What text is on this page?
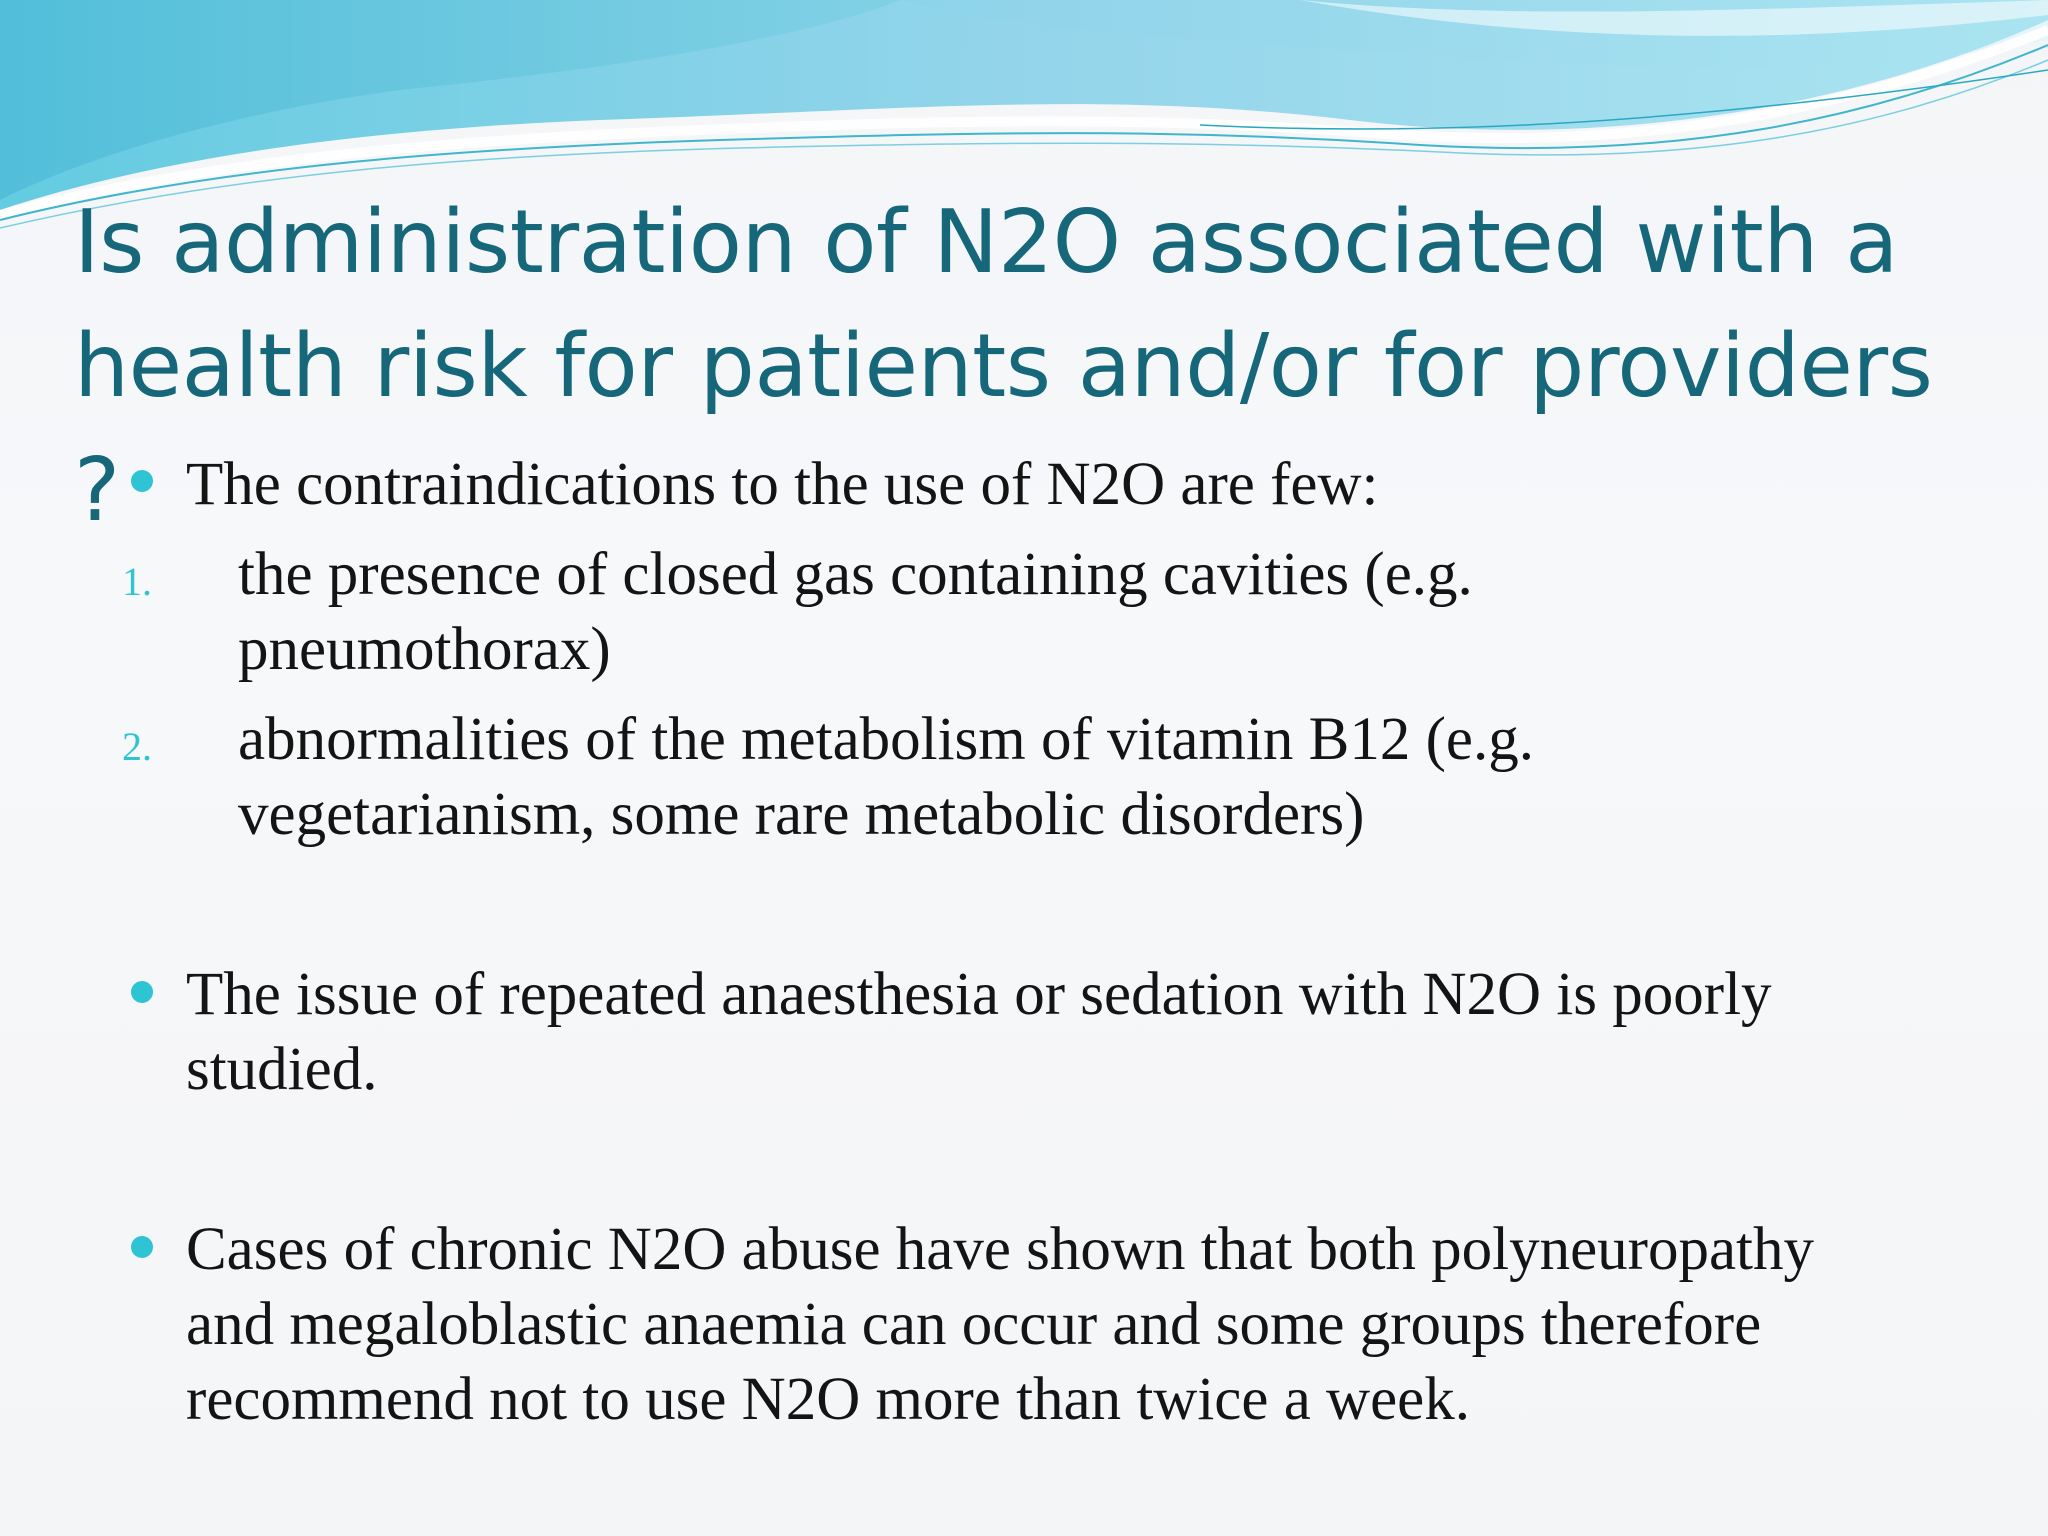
Is administration of N2O associated with a
health risk for patients and/or for providers ?	The contraindications to the use of N2O are few:

1. the presence of closed gas containing cavities (e.g.
pneumothorax)

2. abnormalities of the metabolism of vitamin B12 (e.g.
vegetarianism, some rare metabolic disorders)

The issue of repeated anaesthesia or sedation with N2O is poorly
studied.

Cases of chronic N2O abuse have shown that both polyneuropathy
and megaloblastic anaemia can occur and some groups therefore
recommend not to use N2O more than twice a week.
